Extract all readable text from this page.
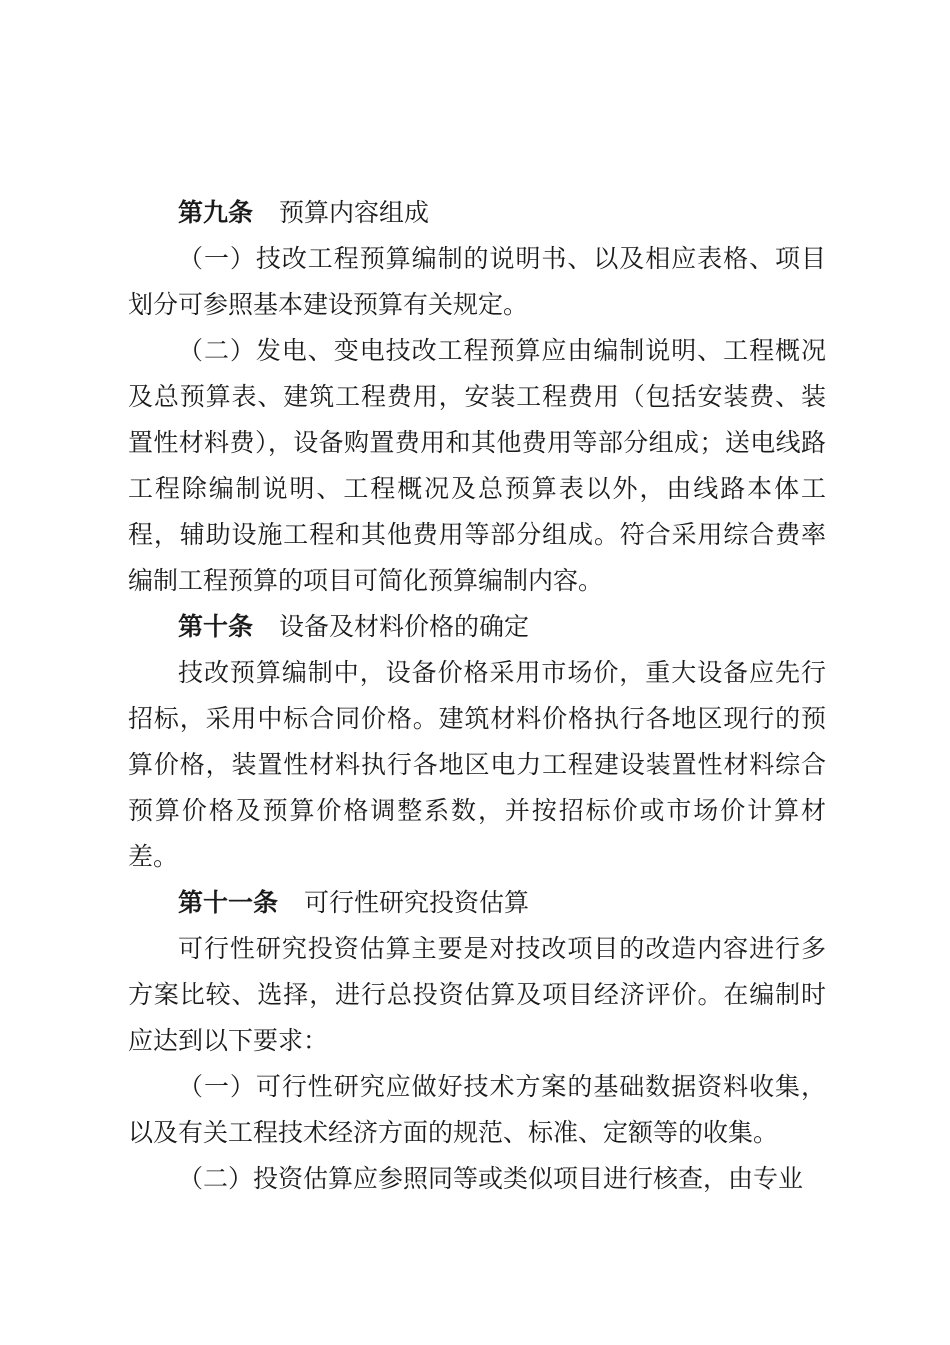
第九条 预算内容组成

（一）技改工程预算编制的说明书、以及相应表格、项目划分可参照基本建设预算有关规定。

（二）发电、变电技改工程预算应由编制说明、工程概况及总预算表、建筑工程费用，安装工程费用（包括安装费、装置性材料费），设备购置费用和其他费用等部分组成；送电线路工程除编制说明、工程概况及总预算表以外，由线路本体工程，辅助设施工程和其他费用等部分组成。符合采用综合费率编制工程预算的项目可简化预算编制内容。

第十条 设备及材料价格的确定

技改预算编制中，设备价格采用市场价，重大设备应先行招标，采用中标合同价格。建筑材料价格执行各地区现行的预算价格，装置性材料执行各地区电力工程建设装置性材料综合预算价格及预算价格调整系数，并按招标价或市场价计算材差。

第十一条 可行性研究投资估算

可行性研究投资估算主要是对技改项目的改造内容进行多方案比较、选择，进行总投资估算及项目经济评价。在编制时应达到以下要求：

（一）可行性研究应做好技术方案的基础数据资料收集，以及有关工程技术经济方面的规范、标准、定额等的收集。

（二）投资估算应参照同等或类似项目进行核查，由专业
